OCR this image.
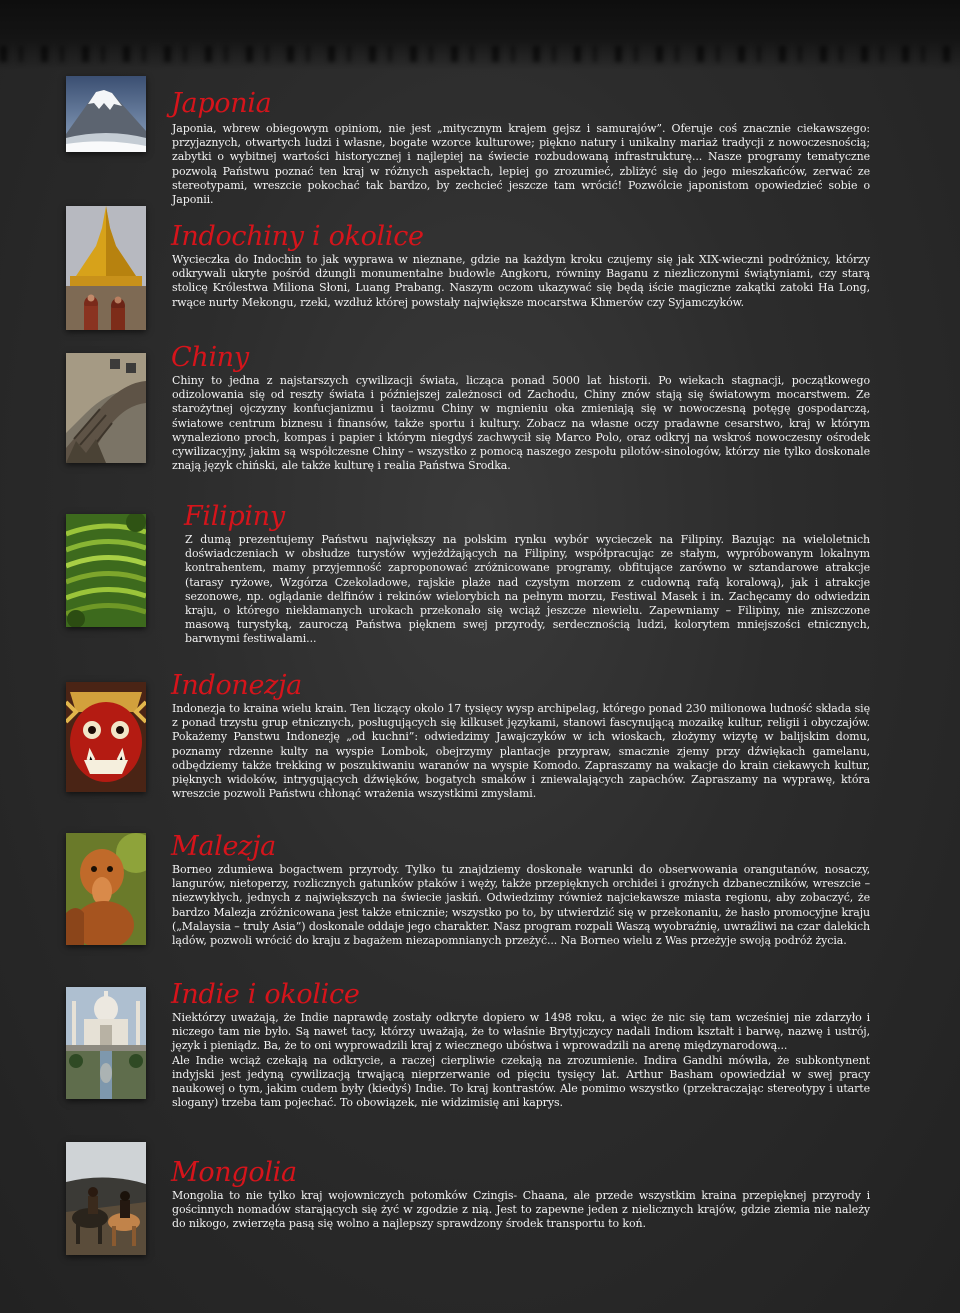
Japonia

Japonia, wbrew obiegowym opiniom, nie jest „mitycznym krajem gejsz i samurajów”. Oferuje coś znacznie ciekawszego: przyjaznych, otwartych ludzi i własne, bogate wzorce kulturowe; piękno natury i unikalny mariaż tradycji z nowoczesnością; zabytki o wybitnej wartości historycznej i najlepiej na świecie rozbudowaną infrastrukturę... Nasze programy tematyczne pozwolą Państwu poznać ten kraj w różnych aspektach, lepiej go zrozumieć, zbliżyć się do jego mieszkańców, zerwać ze stereotypami, wreszcie pokochać tak bardzo, by zechcieć jeszcze tam wrócić! Pozwólcie japonistom opowiedzieć sobie o Japonii.

Indochiny i okolice

Wycieczka do Indochin to jak wyprawa w nieznane, gdzie na każdym kroku czujemy się jak XIX-wieczni podróżnicy, którzy odkrywali ukryte pośród dżungli monumentalne budowle Angkoru, równiny Baganu z niezliczonymi świątyniami, czy starą stolicę Królestwa Miliona Słoni, Luang Prabang. Naszym oczom ukazywać się będą iście magiczne zakątki zatoki Ha Long, rwące nurty Mekongu, rzeki, wzdłuż której powstały największe mocarstwa Khmerów czy Syjamczyków.

Chiny

Chiny to jedna z najstarszych cywilizacji świata, licząca ponad 5000 lat historii. Po wiekach stagnacji, początkowego odizolowania się od reszty świata i późniejszej zależnosci od Zachodu, Chiny znów stają się światowym mocarstwem. Ze starożytnej ojczyzny konfucjanizmu i taoizmu Chiny w mgnieniu oka zmieniają się w nowoczesną potęgę gospodarczą, światowe centrum biznesu i finansów, także sportu i kultury. Zobacz na własne oczy pradawne cesarstwo, kraj w którym wynaleziono proch, kompas i papier i którym niegdyś zachwycił się Marco Polo, oraz odkryj na wskroś nowoczesny ośrodek cywilizacyjny, jakim są współczesne Chiny – wszystko z pomocą naszego zespołu pilotów-sinologów, którzy nie tylko doskonale znają język chiński, ale także kulturę i realia Państwa Środka.

Filipiny

Z dumą prezentujemy Państwu największy na polskim rynku wybór wycieczek na Filipiny. Bazując na wieloletnich doświadczeniach w obsłudze turystów wyjeżdżających na Filipiny, współpracując ze stałym, wypróbowanym lokalnym kontrahentem, mamy przyjemność zaproponować zróżnicowane programy, obfitujące zarówno w sztandarowe atrakcje (tarasy ryżowe, Wzgórza Czekoladowe, rajskie plaże nad czystym morzem z cudowną rafą koralową), jak i atrakcje sezonowe, np. oglądanie delfinów i rekinów wielorybich na pełnym morzu, Festiwal Masek i in. Zachęcamy do odwiedzin kraju, o którego niekłamanych urokach przekonało się wciąż jeszcze niewielu. Zapewniamy – Filipiny, nie zniszczone masową turystyką, zauroczą Państwa pięknem swej przyrody, serdecznością ludzi, kolorytem mniejszości etnicznych, barwnymi festiwalami...

Indonezja

Indonezja to kraina wielu krain. Ten liczący okolo 17 tysięcy wysp archipelag, którego ponad 230 milionowa ludność składa się z ponad trzystu grup etnicznych, posługujących się kilkuset językami, stanowi fascynującą mozaikę kultur, religii i obyczajów. Pokażemy Panstwu Indonezję „od kuchni”: odwiedzimy Jawajczyków w ich wioskach, złożymy wizytę w balijskim domu, poznamy rdzenne kulty na wyspie Lombok, obejrzymy plantacje przypraw, smacznie zjemy przy dźwiękach gamelanu, odbędziemy także trekking w poszukiwaniu waranów na wyspie Komodo. Zapraszamy na wakacje do krain ciekawych kultur, pięknych widoków, intrygujących dźwięków, bogatych smaków i zniewalających zapachów. Zapraszamy na wyprawę, która wreszcie pozwoli Państwu chłonąć wrażenia wszystkimi zmysłami.

Malezja

Borneo zdumiewa bogactwem przyrody. Tylko tu znajdziemy doskonałe warunki do obserwowania orangutanów, nosaczy, langurów, nietoperzy, rozlicznych gatunków ptaków i węży, także przepięknych orchidei i groźnych dzbaneczników, wreszcie – niezwykłych, jednych z największych na świecie jaskiń. Odwiedzimy również najciekawsze miasta regionu, aby zobaczyć, że bardzo Malezja zróżnicowana jest także etnicznie; wszystko po to, by utwierdzić się w przekonaniu, że hasło promocyjne kraju („Malaysia – truly Asia”) doskonale oddaje jego charakter. Nasz program rozpali Waszą wyobraźnię, uwraźliwi na czar dalekich lądów, pozwoli wrócić do kraju z bagażem niezapomnianych przeżyć... Na Borneo wielu z Was przeżyje swoją podróż życia.

Indie i okolice

Niektórzy uważają, że Indie naprawdę zostały odkryte dopiero w 1498 roku, a więc że nic się tam wcześniej nie zdarzyło i niczego tam nie było. Są nawet tacy, którzy uważają, że to właśnie Brytyjczycy nadali Indiom kształt i barwę, nazwę i ustrój, język i pieniądz. Ba, że to oni wyprowadzili kraj z wiecznego ubóstwa i wprowadzili na arenę międzynarodową...

Ale Indie wciąż czekają na odkrycie, a raczej cierpliwie czekają na zrozumienie. Indira Gandhi mówiła, że subkontynent indyjski jest jedyną cywilizacją trwającą nieprzerwanie od pięciu tysięcy lat. Arthur Basham opowiedział w swej pracy naukowej o tym, jakim cudem były (kiedyś) Indie. To kraj kontrastów. Ale pomimo wszystko (przekraczając stereotypy i utarte slogany) trzeba tam pojechać. To obowiązek, nie widzimisię ani kaprys.

Mongolia

Mongolia to nie tylko kraj wojowniczych potomków Czingis- Chaana, ale przede wszystkim kraina przepięknej przyrody i gościnnych nomadów starających się żyć w zgodzie z nią. Jest to zapewne jeden z nielicznych krajów, gdzie ziemia nie należy do nikogo, zwierzęta pasą się wolno a najlepszy sprawdzony środek transportu to koń.
